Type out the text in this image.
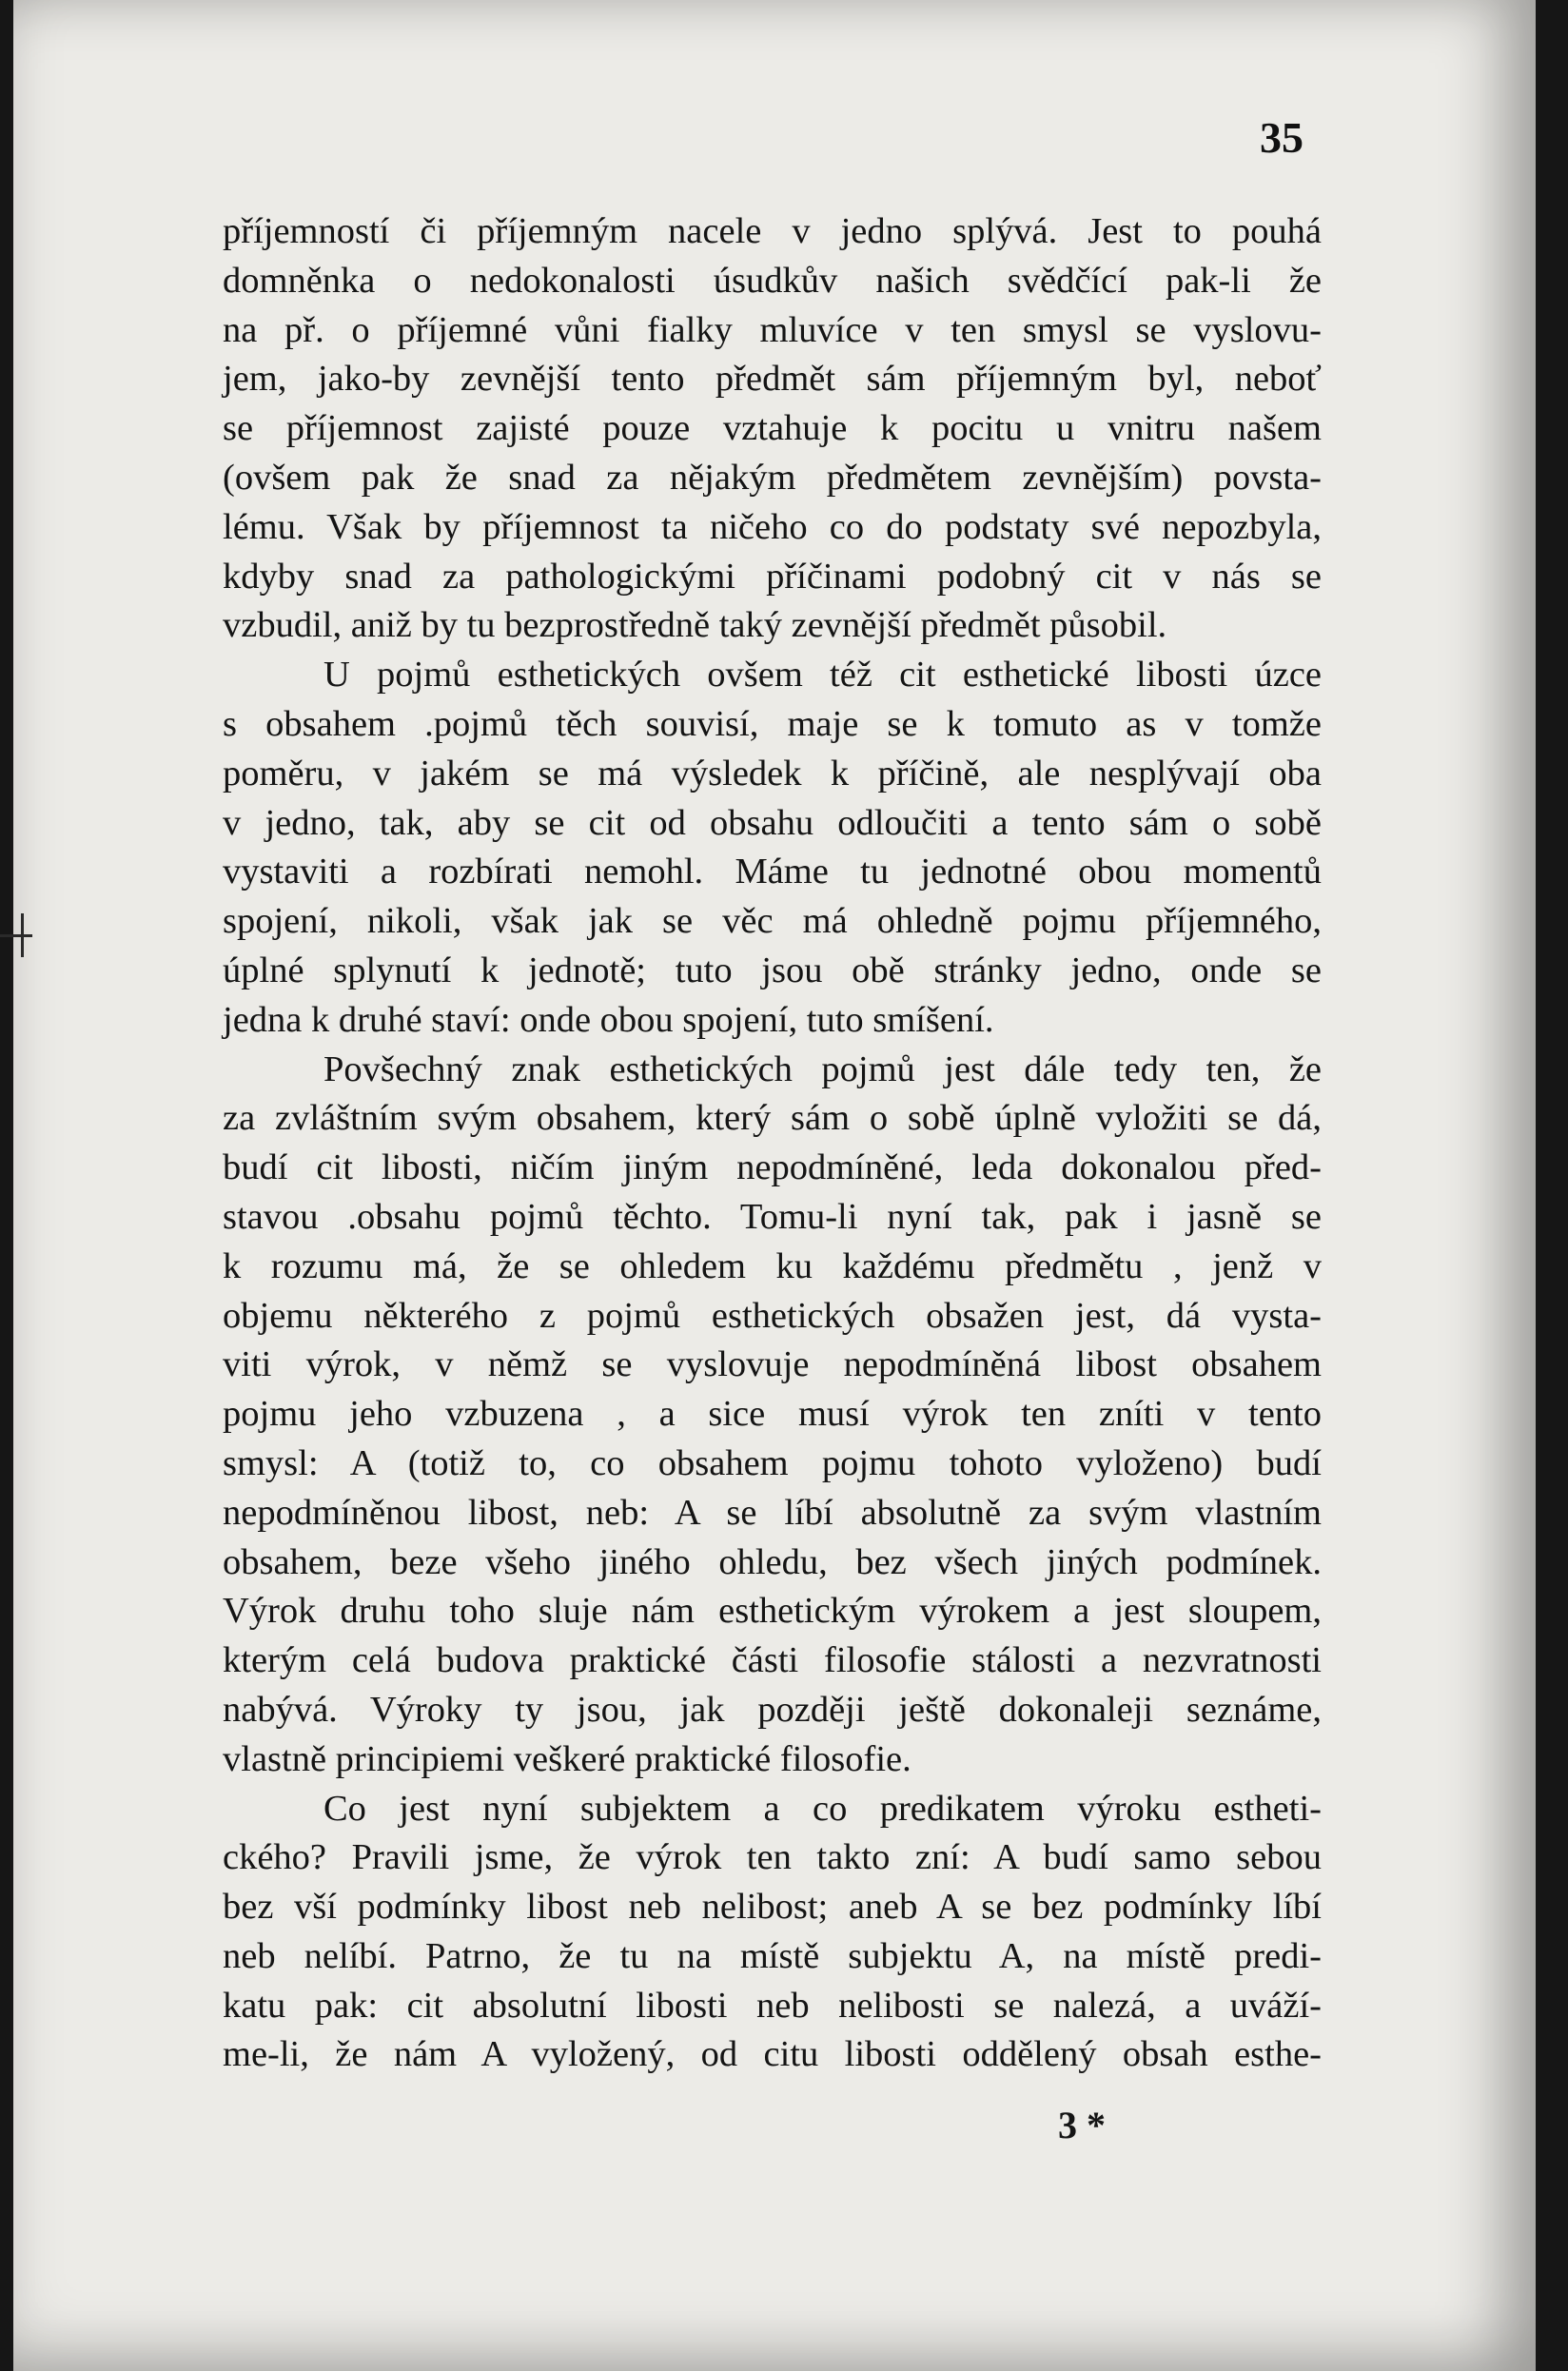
35
příjemností či příjemným nacele v jedno splývá. Jest to pouhá
domněnka o nedokonalosti úsudkův našich svědčící pak-li že
na př. o příjemné vůni fialky mluvíce v ten smysl se vyslovu-
jem, jako-by zevnější tento předmět sám příjemným byl, neboť
se příjemnost zajisté pouze vztahuje k pocitu u vnitru našem
(ovšem pak že snad za nějakým předmětem zevnějším) povsta-
lému. Však by příjemnost ta ničeho co do podstaty své nepozbyla,
kdyby snad za pathologickými příčinami podobný cit v nás se
vzbudil, aniž by tu bezprostředně taký zevnější předmět působil.
U pojmů esthetických ovšem též cit esthetické libosti úzce
s obsahem .pojmů těch souvisí, maje se k tomuto as v tomže
poměru, v jakém se má výsledek k příčině, ale nesplývají oba
v jedno, tak, aby se cit od obsahu odloučiti a tento sám o sobě
vystaviti a rozbírati nemohl. Máme tu jednotné obou momentů
spojení, nikoli, však jak se věc má ohledně pojmu příjemného,
úplné splynutí k jednotě; tuto jsou obě stránky jedno, onde se
jedna k druhé staví: onde obou spojení, tuto smíšení.
Povšechný znak esthetických pojmů jest dále tedy ten, že
za zvláštním svým obsahem, který sám o sobě úplně vyložiti se dá,
budí cit libosti, ničím jiným nepodmíněné, leda dokonalou před-
stavou .obsahu pojmů těchto. Tomu-li nyní tak, pak i jasně se
k rozumu má, že se ohledem ku každému předmětu , jenž v
objemu některého z pojmů esthetických obsažen jest, dá vysta-
viti výrok, v němž se vyslovuje nepodmíněná libost obsahem
pojmu jeho vzbuzena , a sice musí výrok ten zníti v tento
smysl: A (totiž to, co obsahem pojmu tohoto vyloženo) budí
nepodmíněnou libost, neb: A se líbí absolutně za svým vlastním
obsahem, beze všeho jiného ohledu, bez všech jiných podmínek.
Výrok druhu toho sluje nám esthetickým výrokem a jest sloupem,
kterým celá budova praktické části filosofie stálosti a nezvratnosti
nabývá. Výroky ty jsou, jak později ještě dokonaleji seznáme,
vlastně principiemi veškeré praktické filosofie.
Co jest nyní subjektem a co predikatem výroku estheti-
ckého? Pravili jsme, že výrok ten takto zní: A budí samo sebou
bez vší podmínky libost neb nelibost; aneb A se bez podmínky líbí
neb nelíbí. Patrno, že tu na místě subjektu A, na místě predi-
katu pak: cit absolutní libosti neb nelibosti se nalezá, a uváží-
me-li, že nám A vyložený, od citu libosti oddělený obsah esthe-
3 *
